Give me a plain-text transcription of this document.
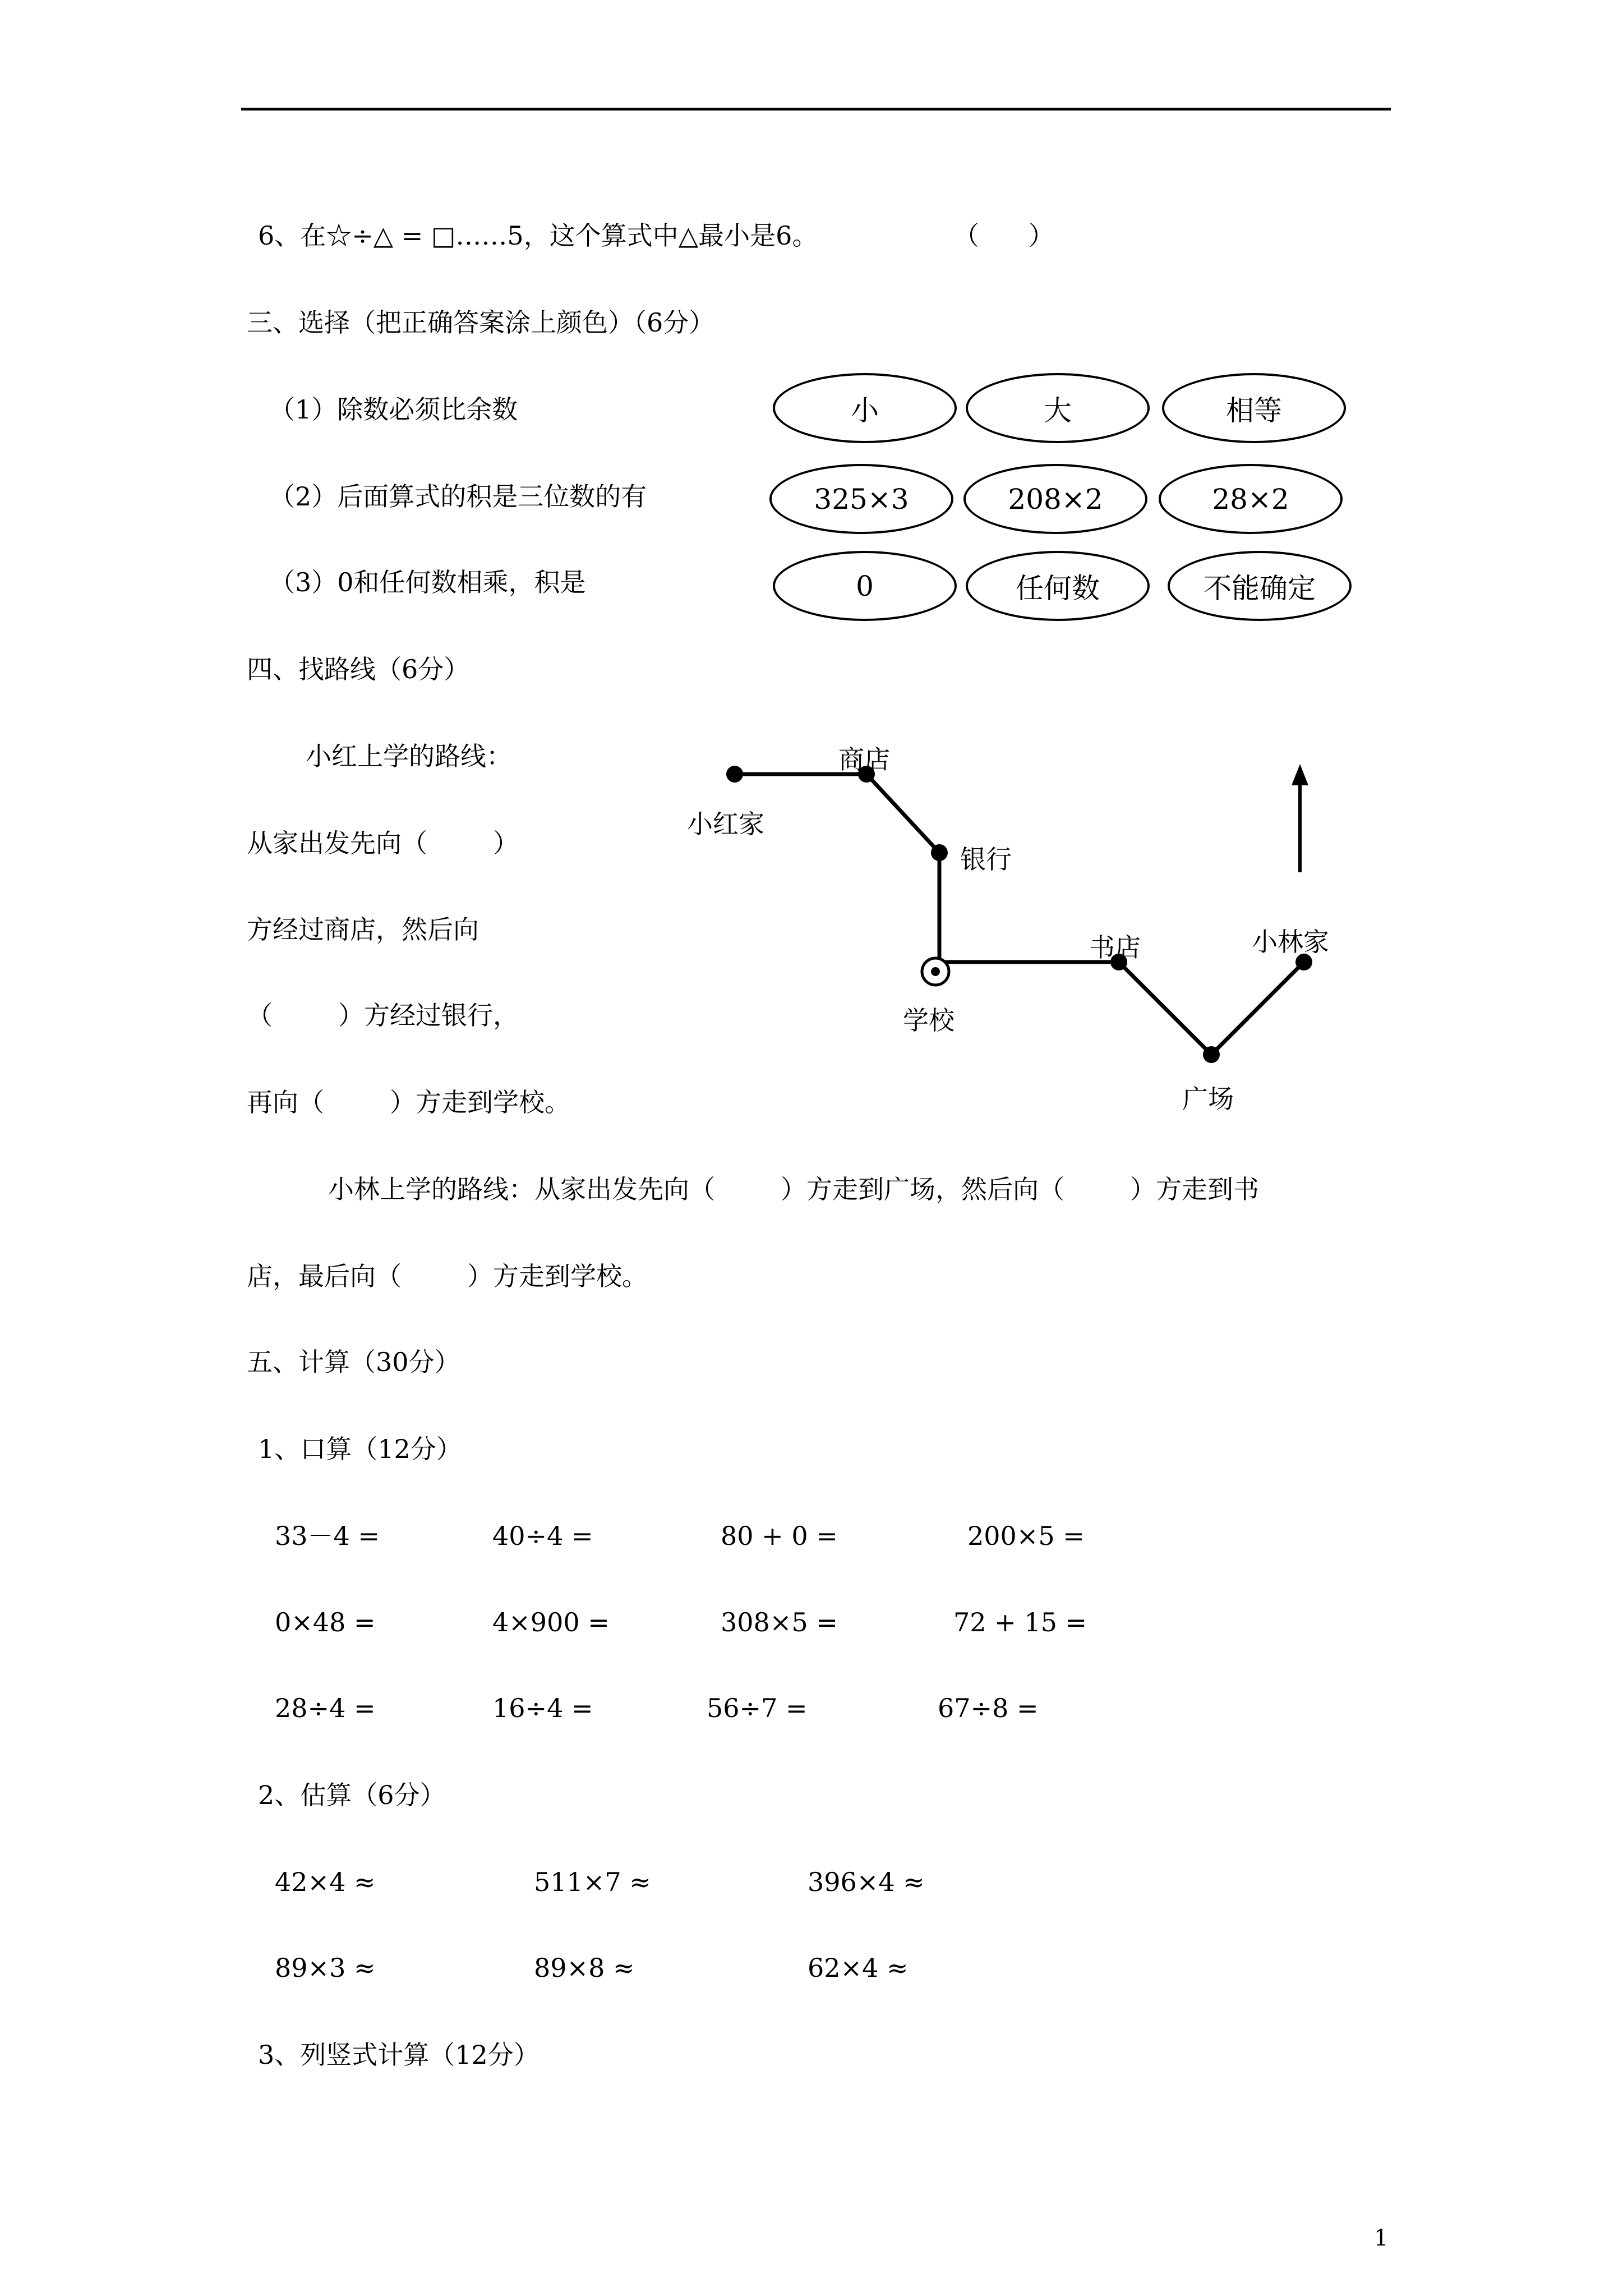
6、在☆÷△ = □……5，这个算式中△最小是6。	（      ）
三、选择（把正确答案涂上颜色）（6分）
（1）除数必须比余数
（2）后面算式的积是三位数的有
（3）0和任何数相乘，积是
小	大	相等
325×3	208×2	28×2
0	任何数	不能确定
四、找路线（6分）
小红上学的路线：
从家出发先向（        ）
方经过商店，然后向
（        ）方经过银行，
再向（        ）方走到学校。
小红家
商店
银行
学校
书店	小林家
广场
小林上学的路线：从家出发先向（        ）方走到广场，然后向（        ）方走到书
店，最后向（        ）方走到学校。
五、计算（30分）
1、口算（12分）
33－4 =	40÷4 =	80 + 0 =	200×5 =
0×48 =	4×900 =	308×5 =	72 + 15 =
28÷4 =	16÷4 =	56÷7 =	67÷8 =
2、估算（6分）
42×4 ≈	511×7 ≈	396×4 ≈
89×3 ≈	89×8 ≈	62×4 ≈
3、列竖式计算（12分）
1
